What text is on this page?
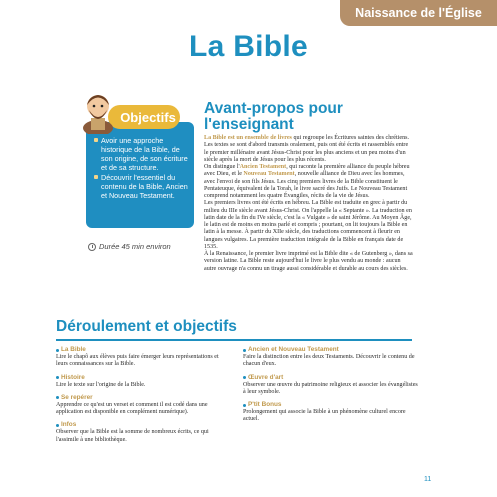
Naissance de l'Église
La Bible
Avoir une approche historique de la Bible, de son origine, de son écriture et de sa structure.
Découvrir l'essentiel du contenu de la Bible, Ancien et Nouveau Testament.
Objectifs
Durée 45 min environ
Avant-propos pour l'enseignant

La Bible est un ensemble de livres qui regroupe les Écritures saintes des chrétiens. Les textes se sont d'abord transmis oralement, puis ont été écrits et rassemblés entre le premier millénaire avant Jésus-Christ pour les plus anciens et un peu moins d'un siècle après la mort de Jésus pour les plus récents.

On distingue l'Ancien Testament, qui raconte la première alliance du peuple hébreu avec Dieu, et le Nouveau Testament, nouvelle alliance de Dieu avec les hommes, avec l'envoi de son fils Jésus. Les cinq premiers livres de la Bible constituent le Pentateuque, équivalent de la Torah, le livre sacré des Juifs. Le Nouveau Testament comprend notamment les quatre Évangiles, récits de la vie de Jésus.

Les premiers livres ont été écrits en hébreu. La Bible est traduite en grec à partir du milieu du IIIe siècle avant Jésus-Christ. On l'appelle la « Septante ». La traduction en latin date de la fin du IVe siècle, c'est la « Vulgate » de saint Jérôme. Au Moyen Âge, le latin est de moins en moins parlé et compris ; pourtant, on lit toujours la Bible en latin à la messe. À partir du XIIe siècle, des traductions commencent à fleurir en langues vulgaires. La première traduction intégrale de la Bible en français date de 1535.

À la Renaissance, le premier livre imprimé est la Bible dite « de Gutenberg », dans sa version latine. La Bible reste aujourd'hui le livre le plus vendu au monde : aucun autre ouvrage n'a connu un tirage aussi considérable et durable au cours des siècles.

Déroulement et objectifs
La Bible
Lire le chapô aux élèves puis faire émerger leurs représentations et leurs connaissances sur la Bible.
Histoire
Lire le texte sur l'origine de la Bible.
Se repérer
Apprendre ce qu'est un verset et comment il est codé dans une application est disponible en complément numérique).
Infos
Observer que la Bible est la somme de nombreux écrits, ce qui l'assimile à une bibliothèque.
Ancien et Nouveau Testament
Faire la distinction entre les deux Testaments. Découvrir le contenu de chacun d'eux.
Œuvre d'art
Observer une œuvre du patrimoine religieux et associer les évangélistes à leur symbole.
P'tit Bonus
Prolongement qui associe la Bible à un phénomène culturel encore actuel.
11
